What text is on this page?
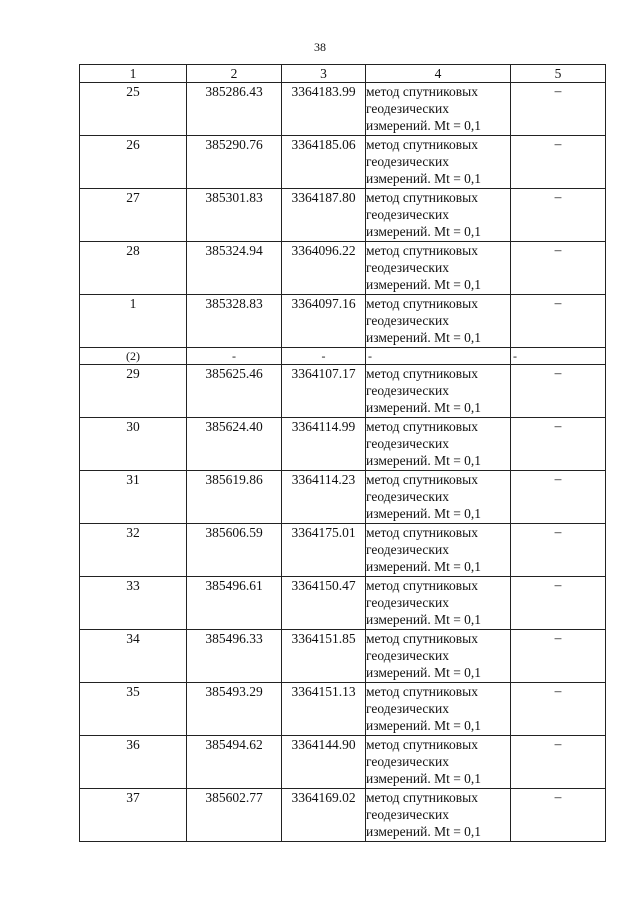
38
1	2	3	4	5
25	385286.43	3364183.99	метод спутниковых геодезических измерений. Mt = 0,1	–
26	385290.76	3364185.06	метод спутниковых геодезических измерений. Mt = 0,1	–
27	385301.83	3364187.80	метод спутниковых геодезических измерений. Mt = 0,1	–
28	385324.94	3364096.22	метод спутниковых геодезических измерений. Mt = 0,1	–
1	385328.83	3364097.16	метод спутниковых геодезических измерений. Mt = 0,1	–
(2)	-	-	-	-
29	385625.46	3364107.17	метод спутниковых геодезических измерений. Mt = 0,1	–
30	385624.40	3364114.99	метод спутниковых геодезических измерений. Mt = 0,1	–
31	385619.86	3364114.23	метод спутниковых геодезических измерений. Mt = 0,1	–
32	385606.59	3364175.01	метод спутниковых геодезических измерений. Mt = 0,1	–
33	385496.61	3364150.47	метод спутниковых геодезических измерений. Mt = 0,1	–
34	385496.33	3364151.85	метод спутниковых геодезических измерений. Mt = 0,1	–
35	385493.29	3364151.13	метод спутниковых геодезических измерений. Mt = 0,1	–
36	385494.62	3364144.90	метод спутниковых геодезических измерений. Mt = 0,1	–
37	385602.77	3364169.02	метод спутниковых геодезических измерений. Mt = 0,1	–
